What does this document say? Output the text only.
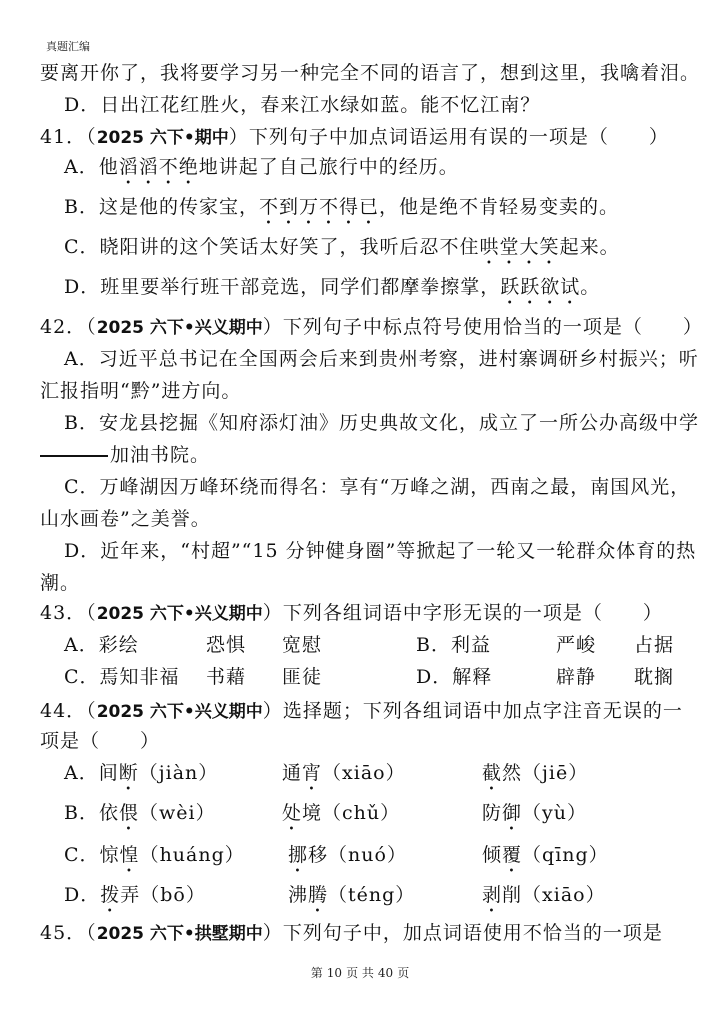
真题汇编
要离开你了，我将要学习另一种完全不同的语言了，想到这里，我噙着泪。
D．日出江花红胜火，春来江水绿如蓝。能不忆江南？
41．（2025 六下•期中）下列句子中加点词语运用有误的一项是（　　）
A．他滔滔不绝地讲起了自己旅行中的经历。
B．这是他的传家宝，不到万不得已，他是绝不肯轻易变卖的。
C．晓阳讲的这个笑话太好笑了，我听后忍不住哄堂大笑起来。
D．班里要举行班干部竞选，同学们都摩拳擦掌，跃跃欲试。
42．（2025 六下•兴义期中）下列句子中标点符号使用恰当的一项是（　　）
A．习近平总书记在全国两会后来到贵州考察，进村寨调研乡村振兴；听
汇报指明“黔”进方向。
B．安龙县挖掘《知府添灯油》历史典故文化，成立了一所公办高级中学
加油书院。
C．万峰湖因万峰环绕而得名：享有“万峰之湖，西南之最，南国风光，
山水画卷”之美誉。
D．近年来，“村超”“15 分钟健身圈”等掀起了一轮又一轮群众体育的热
潮。
43．（2025 六下•兴义期中）下列各组词语中字形无误的一项是（　　）
A．彩绘	恐惧 宽慰	B．利益	严峻 占据
C．焉知非福 书藉 匪徒	D．解释	辟静 耽搁
44．（2025 六下•兴义期中）选择题；下列各组词语中加点字注音无误的一
项是（　　）
A．间断（jiàn）	通宵（xiāo）	截然（jiē）
B．依偎（wèi）	处境（chǔ）	防御（yù）
C．惊惶（huáng） 挪移（nuó）	倾覆（qīng）
D．拨弄（bō）	沸腾（téng）	剥削（xiāo）
45．（2025 六下•拱墅期中）下列句子中，加点词语使用不恰当的一项是
第 10 页 共 40 页
